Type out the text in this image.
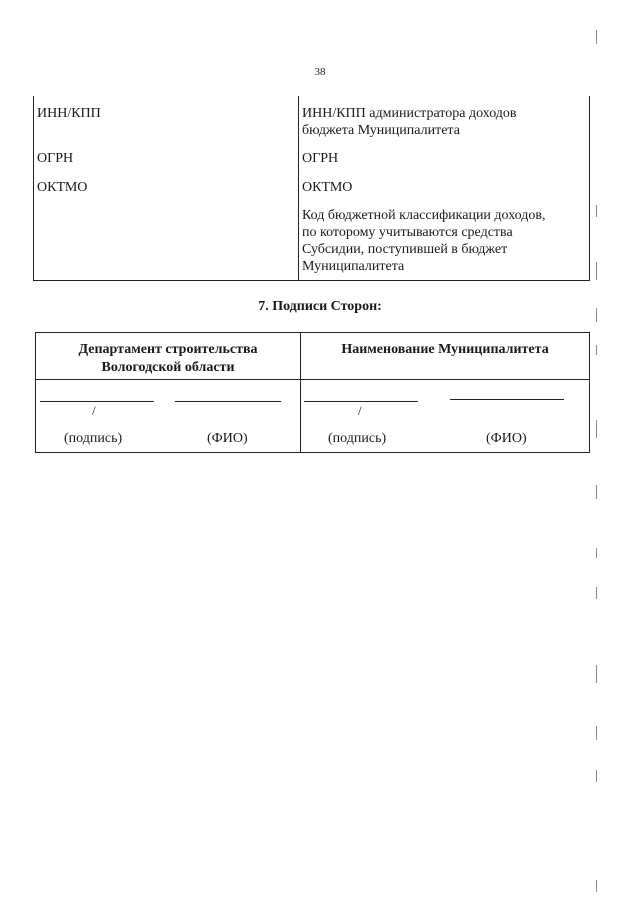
38
ИНН/КПП
ОГРН
ОКТМО
ИНН/КПП администратора доходов
бюджета Муниципалитета
ОГРН
ОКТМО
Код бюджетной классификации доходов,
по которому учитываются средства
Субсидии, поступившей в бюджет
Муниципалитета
7. Подписи Сторон:
Департамент строительства
Вологодской области
Наименование Муниципалитета
/
(подпись)	(ФИО)
/
(подпись)	(ФИО)
